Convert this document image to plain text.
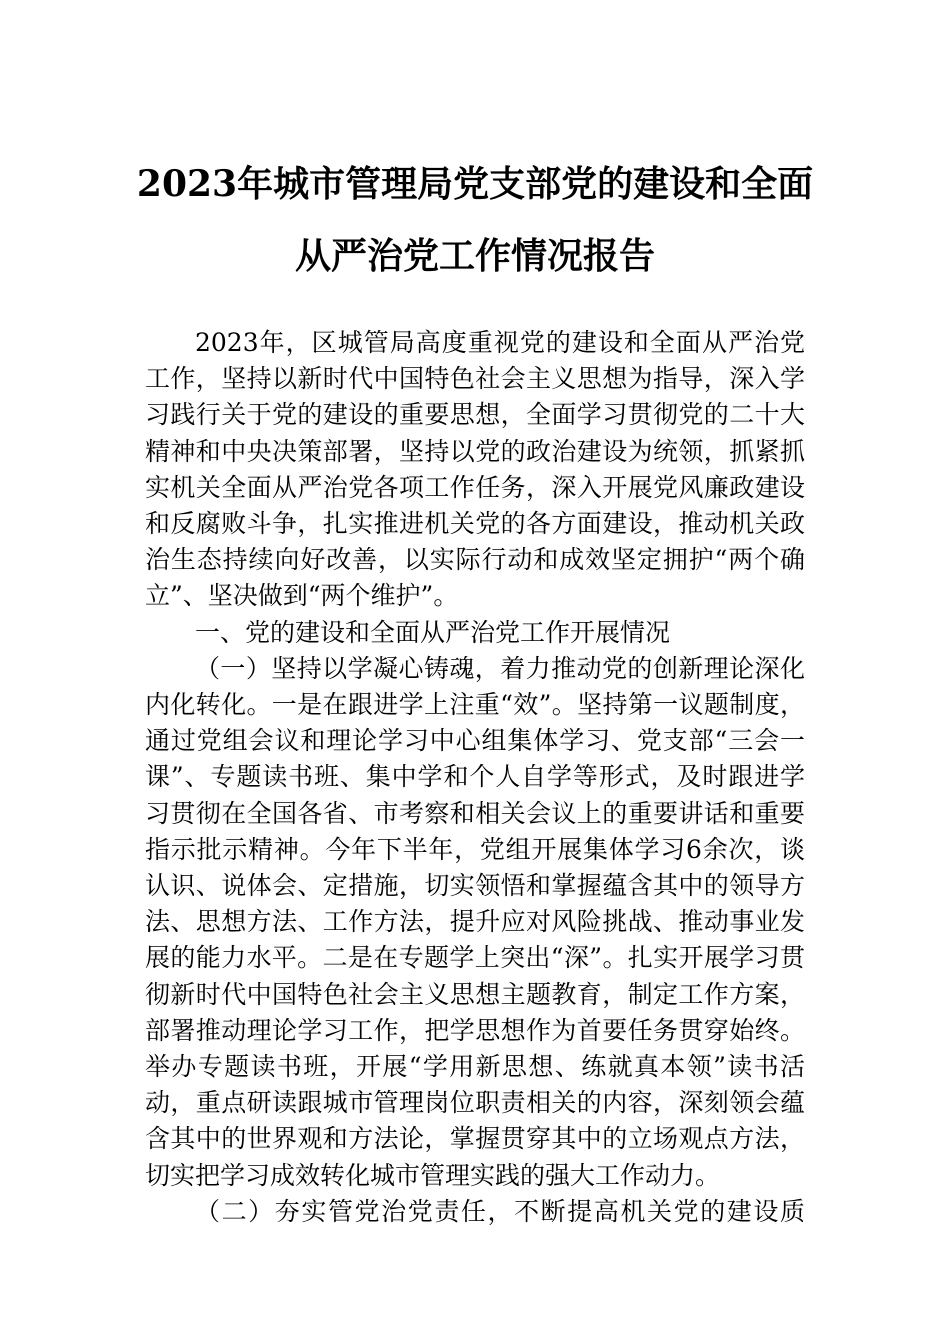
2023年城市管理局党支部党的建设和全面
从严治党工作情况报告

2023年，区城管局高度重视党的建设和全面从严治党工作，坚持以新时代中国特色社会主义思想为指导，深入学习践行关于党的建设的重要思想，全面学习贯彻党的二十大精神和中央决策部署，坚持以党的政治建设为统领，抓紧抓实机关全面从严治党各项工作任务，深入开展党风廉政建设和反腐败斗争，扎实推进机关党的各方面建设，推动机关政治生态持续向好改善，以实际行动和成效坚定拥护“两个确立”、坚决做到“两个维护”。

一、党的建设和全面从严治党工作开展情况

（一）坚持以学凝心铸魂，着力推动党的创新理论深化内化转化。一是在跟进学上注重“效”。坚持第一议题制度，通过党组会议和理论学习中心组集体学习、党支部“三会一课”、专题读书班、集中学和个人自学等形式，及时跟进学习贯彻在全国各省、市考察和相关会议上的重要讲话和重要指示批示精神。今年下半年，党组开展集体学习6余次，谈认识、说体会、定措施，切实领悟和掌握蕴含其中的领导方法、思想方法、工作方法，提升应对风险挑战、推动事业发展的能力水平。二是在专题学上突出“深”。扎实开展学习贯彻新时代中国特色社会主义思想主题教育，制定工作方案，部署推动理论学习工作，把学思想作为首要任务贯穿始终。举办专题读书班，开展“学用新思想、练就真本领”读书活动，重点研读跟城市管理岗位职责相关的内容，深刻领会蕴含其中的世界观和方法论，掌握贯穿其中的立场观点方法，切实把学习成效转化城市管理实践的强大工作动力。

（二）夯实管党治党责任，不断提高机关党的建设质
